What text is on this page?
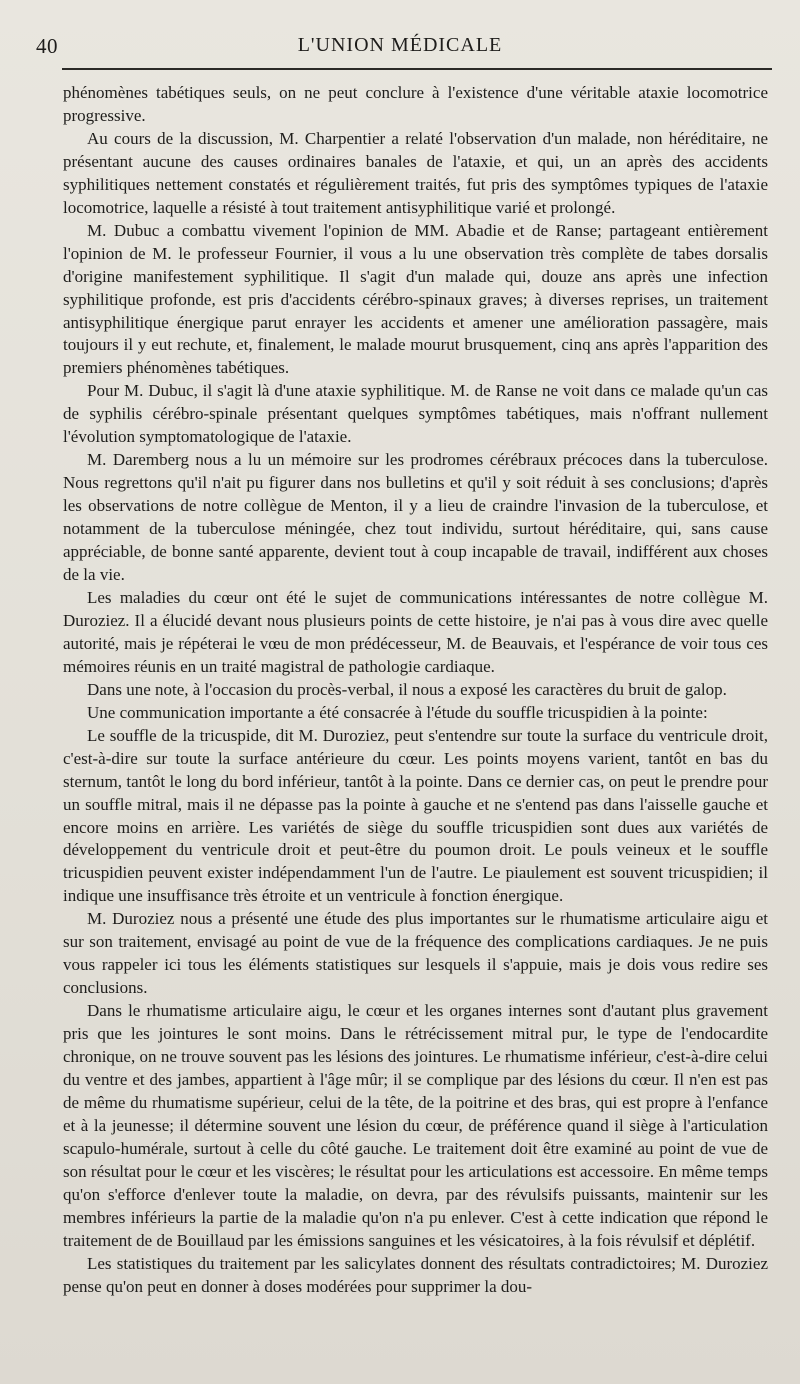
40	L'UNION MÉDICALE

phénomènes tabétiques seuls, on ne peut conclure à l'existence d'une véritable ataxie locomotrice progressive.

Au cours de la discussion, M. Charpentier a relaté l'observation d'un malade, non héréditaire, ne présentant aucune des causes ordinaires banales de l'ataxie, et qui, un an après des accidents syphilitiques nettement constatés et régulièrement traités, fut pris des symptômes typiques de l'ataxie locomotrice, laquelle a résisté à tout traitement antisyphilitique varié et prolongé.

M. Dubuc a combattu vivement l'opinion de MM. Abadie et de Ranse; partageant entièrement l'opinion de M. le professeur Fournier, il vous a lu une observation très complète de tabes dorsalis d'origine manifestement syphilitique. Il s'agit d'un malade qui, douze ans après une infection syphilitique profonde, est pris d'accidents cérébro-spinaux graves; à diverses reprises, un traitement antisyphilitique énergique parut enrayer les accidents et amener une amélioration passagère, mais toujours il y eut rechute, et, finalement, le malade mourut brusquement, cinq ans après l'apparition des premiers phénomènes tabétiques.

Pour M. Dubuc, il s'agit là d'une ataxie syphilitique. M. de Ranse ne voit dans ce malade qu'un cas de syphilis cérébro-spinale présentant quelques symptômes tabétiques, mais n'offrant nullement l'évolution symptomatologique de l'ataxie.

M. Daremberg nous a lu un mémoire sur les prodromes cérébraux précoces dans la tuberculose. Nous regrettons qu'il n'ait pu figurer dans nos bulletins et qu'il y soit réduit à ses conclusions; d'après les observations de notre collègue de Menton, il y a lieu de craindre l'invasion de la tuberculose, et notamment de la tuberculose méningée, chez tout individu, surtout héréditaire, qui, sans cause appréciable, de bonne santé apparente, devient tout à coup incapable de travail, indifférent aux choses de la vie.

Les maladies du cœur ont été le sujet de communications intéressantes de notre collègue M. Duroziez. Il a élucidé devant nous plusieurs points de cette histoire, je n'ai pas à vous dire avec quelle autorité, mais je répéterai le vœu de mon prédécesseur, M. de Beauvais, et l'espérance de voir tous ces mémoires réunis en un traité magistral de pathologie cardiaque.

Dans une note, à l'occasion du procès-verbal, il nous a exposé les caractères du bruit de galop.

Une communication importante a été consacrée à l'étude du souffle tricuspidien à la pointe:

Le souffle de la tricuspide, dit M. Duroziez, peut s'entendre sur toute la surface du ventricule droit, c'est-à-dire sur toute la surface antérieure du cœur. Les points moyens varient, tantôt en bas du sternum, tantôt le long du bord inférieur, tantôt à la pointe. Dans ce dernier cas, on peut le prendre pour un souffle mitral, mais il ne dépasse pas la pointe à gauche et ne s'entend pas dans l'aisselle gauche et encore moins en arrière. Les variétés de siège du souffle tricuspidien sont dues aux variétés de développement du ventricule droit et peut-être du poumon droit. Le pouls veineux et le souffle tricuspidien peuvent exister indépendamment l'un de l'autre. Le piaulement est souvent tricuspidien; il indique une insuffisance très étroite et un ventricule à fonction énergique.

M. Duroziez nous a présenté une étude des plus importantes sur le rhumatisme articulaire aigu et sur son traitement, envisagé au point de vue de la fréquence des complications cardiaques. Je ne puis vous rappeler ici tous les éléments statistiques sur lesquels il s'appuie, mais je dois vous redire ses conclusions.

Dans le rhumatisme articulaire aigu, le cœur et les organes internes sont d'autant plus gravement pris que les jointures le sont moins. Dans le rétrécissement mitral pur, le type de l'endocardite chronique, on ne trouve souvent pas les lésions des jointures. Le rhumatisme inférieur, c'est-à-dire celui du ventre et des jambes, appartient à l'âge mûr; il se complique par des lésions du cœur. Il n'en est pas de même du rhumatisme supérieur, celui de la tête, de la poitrine et des bras, qui est propre à l'enfance et à la jeunesse; il détermine souvent une lésion du cœur, de préférence quand il siège à l'articulation scapulo-humérale, surtout à celle du côté gauche. Le traitement doit être examiné au point de vue de son résultat pour le cœur et les viscères; le résultat pour les articulations est accessoire. En même temps qu'on s'efforce d'enlever toute la maladie, on devra, par des révulsifs puissants, maintenir sur les membres inférieurs la partie de la maladie qu'on n'a pu enlever. C'est à cette indication que répond le traitement de de Bouillaud par les émissions sanguines et les vésicatoires, à la fois révulsif et déplétif.

Les statistiques du traitement par les salicylates donnent des résultats contradictoires; M. Duroziez pense qu'on peut en donner à doses modérées pour supprimer la dou-
